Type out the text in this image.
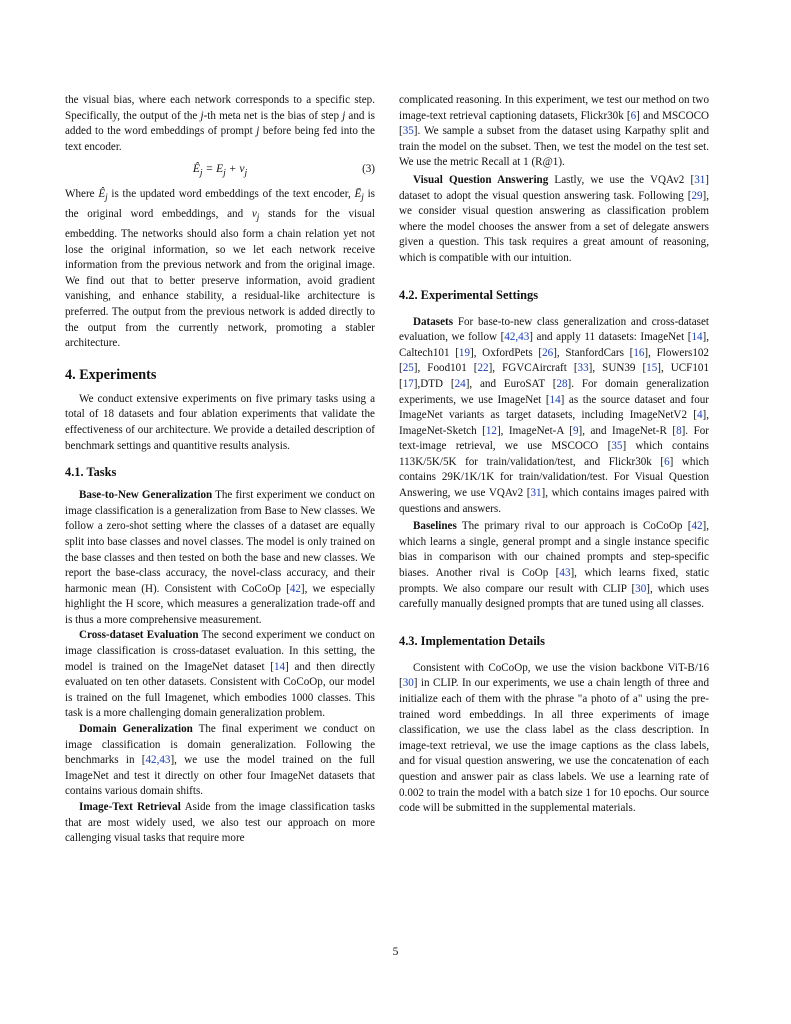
the visual bias, where each network corresponds to a specific step. Specifically, the output of the j-th meta net is the bias of step j and is added to the word embeddings of prompt j before being fed into the text encoder.

$Ê_j = E_j + v_j$	(3)

Where $Ê_j$ is the updated word embeddings of the text encoder, $Ē_j$ is the original word embeddings, and $v_j$ stands for the visual embedding. The networks should also form a chain relation yet not lose the original information, so we let each network receive information from the previous network and from the original image. We find out that to better preserve information, avoid gradient vanishing, and enhance stability, a residual-like architecture is preferred. The output from the previous network is added directly to the output from the currently network, promoting a stabler architecture.

4. Experiments

We conduct extensive experiments on five primary tasks using a total of 18 datasets and four ablation experiments that validate the effectiveness of our architecture. We provide a detailed description of benchmark settings and quantitive results analysis.

4.1. Tasks

Base-to-New Generalization The first experiment we conduct on image classification is a generalization from Base to New classes. We follow a zero-shot setting where the classes of a dataset are equally split into base classes and novel classes. The model is only trained on the base classes and then tested on both the base and new classes. We report the base-class accuracy, the novel-class accuracy, and their harmonic mean (H). Consistent with CoCoOp [42], we especially highlight the H score, which measures a generalization trade-off and is thus a more comprehensive measurement.

Cross-dataset Evaluation The second experiment we conduct on image classification is cross-dataset evaluation. In this setting, the model is trained on the ImageNet dataset [14] and then directly evaluated on ten other datasets. Consistent with CoCoOp, our model is trained on the full Imagenet, which embodies 1000 classes. This task is a more challenging domain generalization problem.

Domain Generalization The final experiment we conduct on image classification is domain generalization. Following the benchmarks in [42,43], we use the model trained on the full ImageNet and test it directly on other four ImageNet datasets that contains various domain shifts.

Image-Text Retrieval Aside from the image classification tasks that are most widely used, we also test our approach on more callenging visual tasks that require more

complicated reasoning. In this experiment, we test our method on two image-text retrieval captioning datasets, Flickr30k [6] and MSCOCO [35]. We sample a subset from the dataset using Karpathy split and train the model on the subset. Then, we test the model on the test set. We use the metric Recall at 1 (R@1).

Visual Question Answering Lastly, we use the VQAv2 [31] dataset to adopt the visual question answering task. Following [29], we consider visual question answering as classification problem where the model chooses the answer from a set of delegate answers given a question. This task requires a great amount of reasoning, which is compatible with our intuition.

4.2. Experimental Settings

Datasets For base-to-new class generalization and cross-dataset evaluation, we follow [42,43] and apply 11 datasets: ImageNet [14], Caltech101 [19], OxfordPets [26], StanfordCars [16], Flowers102 [25], Food101 [22], FGVCAircraft [33], SUN39 [15], UCF101 [17],DTD [24], and EuroSAT [28]. For domain generalization experiments, we use ImageNet [14] as the source dataset and four ImageNet variants as target datasets, including ImageNetV2 [4], ImageNet-Sketch [12], ImageNet-A [9], and ImageNet-R [8]. For text-image retrieval, we use MSCOCO [35] which contains 113K/5K/5K for train/validation/test, and Flickr30k [6] which contains 29K/1K/1K for train/validation/test. For Visual Question Answering, we use VQAv2 [31], which contains images paired with questions and answers.

Baselines The primary rival to our approach is CoCoOp [42], which learns a single, general prompt and a single instance specific bias in comparison with our chained prompts and step-specific biases. Another rival is CoOp [43], which learns fixed, static prompts. We also compare our result with CLIP [30], which uses carefully manually designed prompts that are tuned using all classes.

4.3. Implementation Details

Consistent with CoCoOp, we use the vision backbone ViT-B/16 [30] in CLIP. In our experiments, we use a chain length of three and initialize each of them with the phrase "a photo of a" using the pre-trained word embeddings. In all three experiments of image classification, we use the class label as the class description. In image-text retrieval, we use the image captions as the class labels, and for visual question answering, we use the concatenation of each question and answer pair as class labels. We use a learning rate of 0.002 to train the model with a batch size 1 for 10 epochs. Our source code will be submitted in the supplemental materials.

5
